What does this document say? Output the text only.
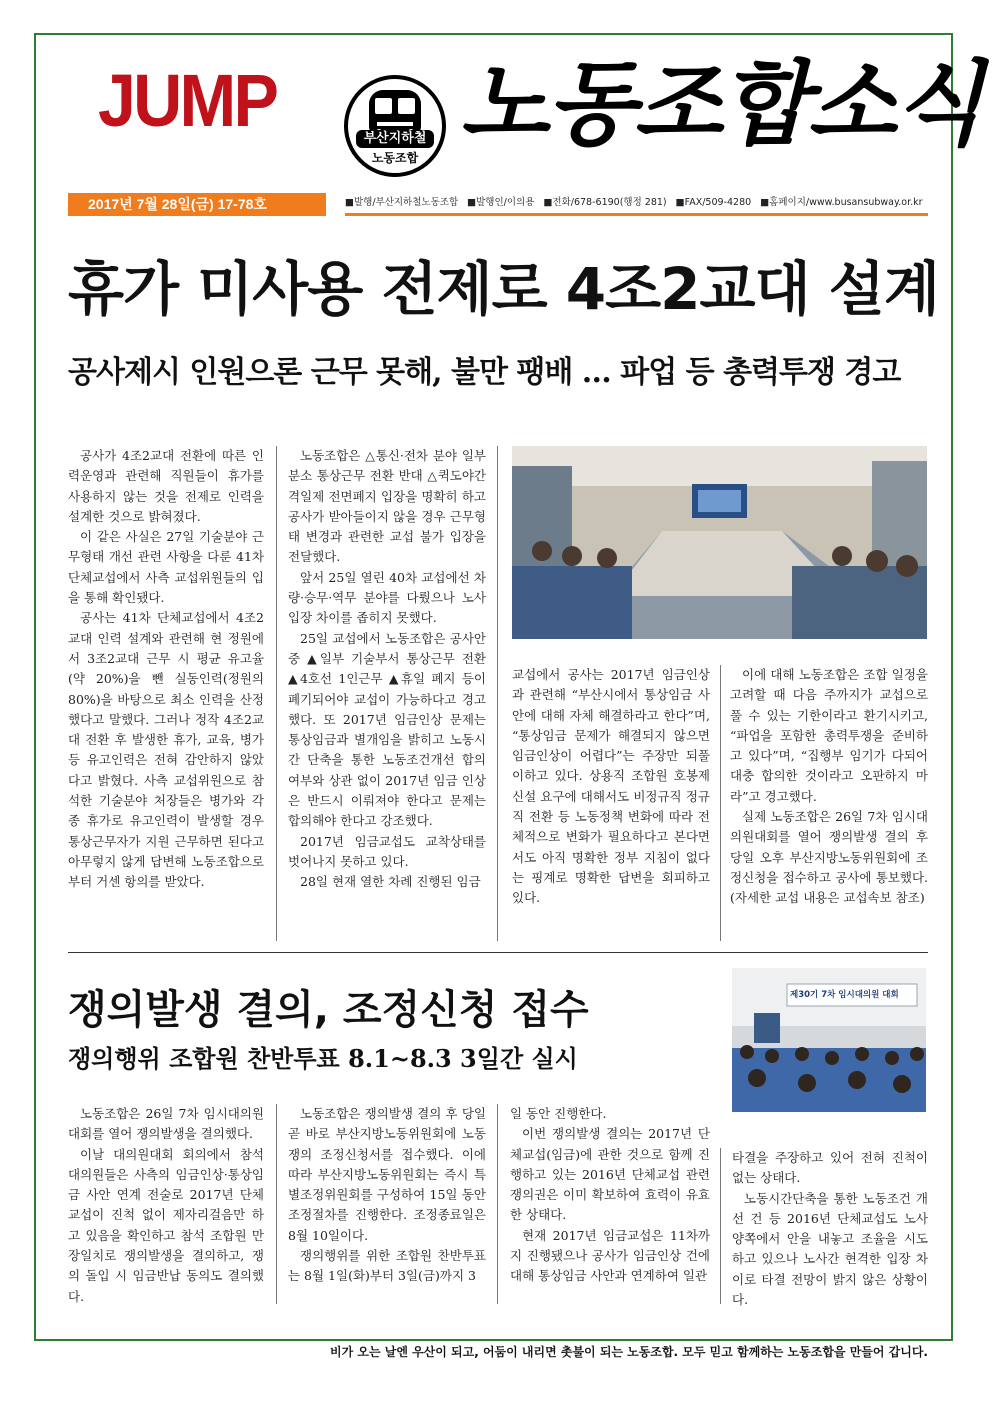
JUMP	부산지하철
노동조합 노동조합소식
2017년 7월 28일(금) 17-78호	■발행/부산지하철노동조합 ■발행인/이의용 ■전화/678-6190(행정 281) ■FAX/509-4280 ■홈페이지/www.busansubway.or.kr
휴가 미사용 전제로 4조2교대 설계
공사제시 인원으론 근무 못해, 불만 팽배 … 파업 등 총력투쟁 경고

공사가 4조2교대 전환에 따른 인력운영과 관련해 직원들이 휴가를 사용하지 않는 것을 전제로 인력을 설계한 것으로 밝혀졌다.

이 같은 사실은 27일 기술분야 근무형태 개선 관련 사항을 다룬 41차 단체교섭에서 사측 교섭위원들의 입을 통해 확인됐다.

공사는 41차 단체교섭에서 4조2교대 인력 설계와 관련해 현 정원에서 3조2교대 근무 시 평균 유고율(약 20%)을 뺀 실동인력(정원의 80%)을 바탕으로 최소 인력을 산정했다고 말했다. 그러나 정작 4조2교대 전환 후 발생한 휴가, 교육, 병가 등 유고인력은 전혀 감안하지 않았다고 밝혔다. 사측 교섭위원으로 참석한 기술분야 처장들은 병가와 각종 휴가로 유고인력이 발생할 경우 통상근무자가 지원 근무하면 된다고 아무렇지 않게 답변해 노동조합으로부터 거센 항의를 받았다.

노동조합은 △통신·전차 분야 일부 분소 통상근무 전환 반대 △퀵도야간격일제 전면폐지 입장을 명확히 하고 공사가 받아들이지 않을 경우 근무형태 변경과 관련한 교섭 불가 입장을 전달했다.

앞서 25일 열린 40차 교섭에선 차량·승무·역무 분야를 다뤘으나 노사 입장 차이를 좁히지 못했다.

25일 교섭에서 노동조합은 공사안 중 ▲일부 기술부서 통상근무 전환 ▲4호선 1인근무 ▲휴일 폐지 등이 폐기되어야 교섭이 가능하다고 경고했다. 또 2017년 임금인상 문제는 통상임금과 별개임을 밝히고 노동시간 단축을 통한 노동조건개선 합의 여부와 상관 없이 2017년 임금 인상은 반드시 이뤄져야 한다고 문제는 합의해야 한다고 강조했다.

2017년 임금교섭도 교착상태를 벗어나지 못하고 있다.

28일 현재 열한 차례 진행된 임금

교섭에서 공사는 2017년 임금인상과 관련해 “부산시에서 통상임금 사안에 대해 자체 해결하라고 한다”며, “통상임금 문제가 해결되지 않으면 임금인상이 어렵다”는 주장만 되풀이하고 있다. 상용직 조합원 호봉제 신설 요구에 대해서도 비정규직 정규직 전환 등 노동정책 변화에 따라 전체적으로 변화가 필요하다고 본다면서도 아직 명확한 정부 지침이 없다는 핑계로 명확한 답변을 회피하고 있다.

이에 대해 노동조합은 조합 일정을 고려할 때 다음 주까지가 교섭으로 풀 수 있는 기한이라고 환기시키고, “파업을 포함한 총력투쟁을 준비하고 있다”며, “집행부 임기가 다되어 대충 합의한 것이라고 오판하지 마라”고 경고했다.

실제 노동조합은 26일 7차 임시대의원대회를 열어 쟁의발생 결의 후 당일 오후 부산지방노동위원회에 조정신청을 접수하고 공사에 통보했다. (자세한 교섭 내용은 교섭속보 참조)

쟁의발생 결의, 조정신청 접수
쟁의행위 조합원 찬반투표 8.1~8.3 3일간 실시
제30기 7차 임시대의원 대회

노동조합은 26일 7차 임시대의원대회를 열어 쟁의발생을 결의했다.

이날 대의원대회 회의에서 참석 대의원들은 사측의 임금인상·통상임금 사안 연계 전술로 2017년 단체교섭이 진척 없이 제자리걸음만 하고 있음을 확인하고 참석 조합원 만장일치로 쟁의발생을 결의하고, 쟁의 돌입 시 임금반납 동의도 결의했다.

노동조합은 쟁의발생 결의 후 당일 곧 바로 부산지방노동위원회에 노동쟁의 조정신청서를 접수했다. 이에 따라 부산지방노동위원회는 즉시 특별조정위원회를 구성하여 15일 동안 조정절차를 진행한다. 조정종료일은 8월 10일이다.

쟁의행위를 위한 조합원 찬반투표는 8월 1일(화)부터 3일(금)까지 3

일 동안 진행한다.

이번 쟁의발생 결의는 2017년 단체교섭(임금)에 관한 것으로 함께 진행하고 있는 2016년 단체교섭 관련 쟁의권은 이미 확보하여 효력이 유효한 상태다.

현재 2017년 임금교섭은 11차까지 진행됐으나 공사가 임금인상 건에 대해 통상임금 사안과 연계하여 일관

타결을 주장하고 있어 전혀 진척이 없는 상태다.

노동시간단축을 통한 노동조건 개선 건 등 2016년 단체교섭도 노사 양쪽에서 안을 내놓고 조율을 시도하고 있으나 노사간 현격한 입장 차이로 타결 전망이 밝지 않은 상황이다.

비가 오는 날엔 우산이 되고, 어둠이 내리면 촛불이 되는 노동조합. 모두 믿고 함께하는 노동조합을 만들어 갑니다.
